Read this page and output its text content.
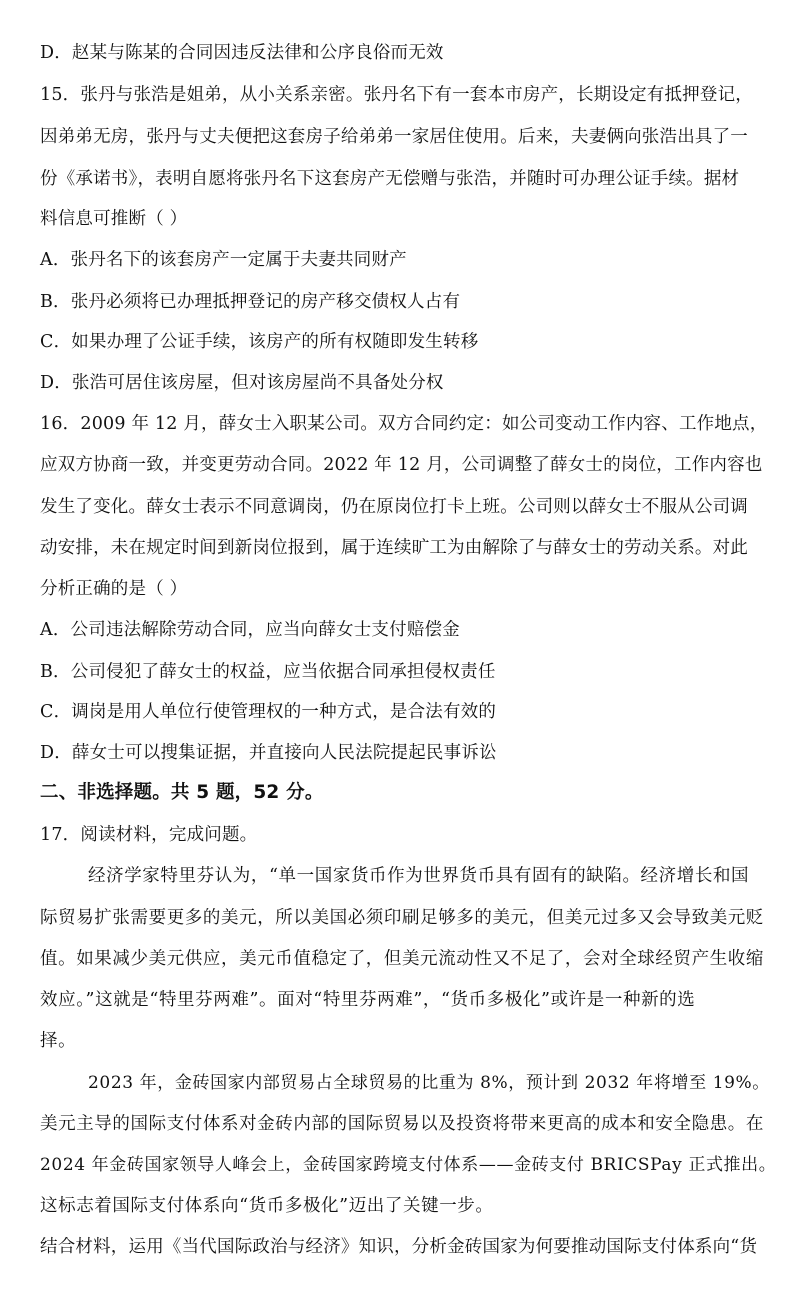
D．赵某与陈某的合同因违反法律和公序良俗而无效
15．张丹与张浩是姐弟，从小关系亲密。张丹名下有一套本市房产，长期设定有抵押登记，
因弟弟无房，张丹与丈夫便把这套房子给弟弟一家居住使用。后来，夫妻俩向张浩出具了一
份《承诺书》，表明自愿将张丹名下这套房产无偿赠与张浩，并随时可办理公证手续。据材
料信息可推断（ ）
A．张丹名下的该套房产一定属于夫妻共同财产
B．张丹必须将已办理抵押登记的房产移交债权人占有
C．如果办理了公证手续，该房产的所有权随即发生转移
D．张浩可居住该房屋，但对该房屋尚不具备处分权
16．2009 年 12 月，薛女士入职某公司。双方合同约定：如公司变动工作内容、工作地点，
应双方协商一致，并变更劳动合同。2022 年 12 月，公司调整了薛女士的岗位，工作内容也
发生了变化。薛女士表示不同意调岗，仍在原岗位打卡上班。公司则以薛女士不服从公司调
动安排，未在规定时间到新岗位报到，属于连续旷工为由解除了与薛女士的劳动关系。对此
分析正确的是（ ）
A．公司违法解除劳动合同，应当向薛女士支付赔偿金
B．公司侵犯了薛女士的权益，应当依据合同承担侵权责任
C．调岗是用人单位行使管理权的一种方式，是合法有效的
D．薛女士可以搜集证据，并直接向人民法院提起民事诉讼
二、非选择题。共 5 题，52 分。
17．阅读材料，完成问题。
经济学家特里芬认为，“单一国家货币作为世界货币具有固有的缺陷。经济增长和国
际贸易扩张需要更多的美元，所以美国必须印刷足够多的美元，但美元过多又会导致美元贬
值。如果减少美元供应，美元币值稳定了，但美元流动性又不足了，会对全球经贸产生收缩
效应。”这就是“特里芬两难”。面对“特里芬两难”，“货币多极化”或许是一种新的选
择。
2023 年，金砖国家内部贸易占全球贸易的比重为 8%，预计到 2032 年将增至 19%。
美元主导的国际支付体系对金砖内部的国际贸易以及投资将带来更高的成本和安全隐患。在
2024 年金砖国家领导人峰会上，金砖国家跨境支付体系——金砖支付 BRICSPay 正式推出。
这标志着国际支付体系向“货币多极化”迈出了关键一步。
结合材料，运用《当代国际政治与经济》知识，分析金砖国家为何要推动国际支付体系向“货
